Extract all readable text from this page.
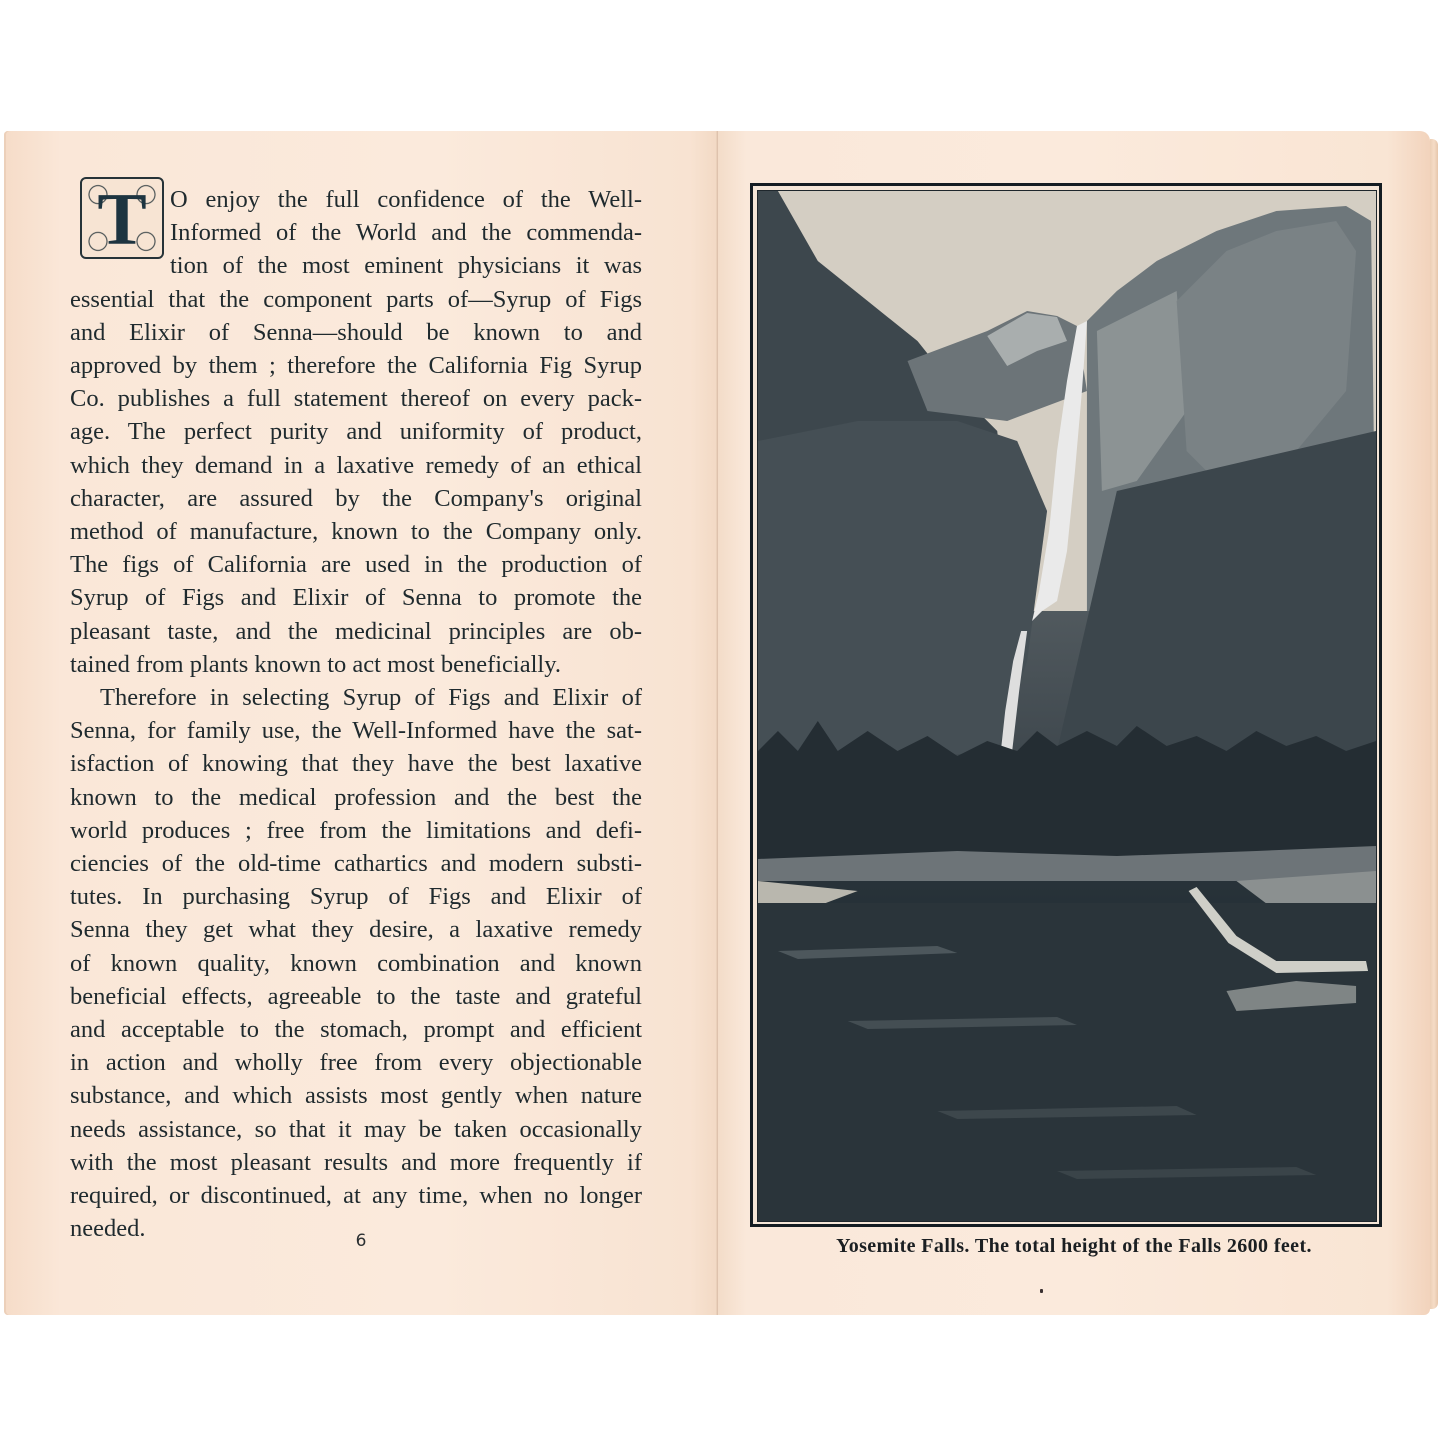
T O enjoy the full confidence of the Well-
Informed of the World and the commenda-
tion of the most eminent physicians it was
essential that the component parts of—Syrup of Figs
and Elixir of Senna—should be known to and
approved by them ; therefore the California Fig Syrup
Co. publishes a full statement thereof on every pack-
age. The perfect purity and uniformity of product,
which they demand in a laxative remedy of an ethical
character, are assured by the Company's original
method of manufacture, known to the Company only.
The figs of California are used in the production of
Syrup of Figs and Elixir of Senna to promote the
pleasant taste, and the medicinal principles are ob-
tained from plants known to act most beneficially.
Therefore in selecting Syrup of Figs and Elixir of
Senna, for family use, the Well-Informed have the sat-
isfaction of knowing that they have the best laxative
known to the medical profession and the best the
world produces ; free from the limitations and defi-
ciencies of the old-time cathartics and modern substi-
tutes. In purchasing Syrup of Figs and Elixir of
Senna they get what they desire, a laxative remedy
of known quality, known combination and known
beneficial effects, agreeable to the taste and grateful
and acceptable to the stomach, prompt and efficient
in action and wholly free from every objectionable
substance, and which assists most gently when nature
needs assistance, so that it may be taken occasionally
with the most pleasant results and more frequently if
required, or discontinued, at any time, when no longer
needed.	6	Yosemite Falls. The total height of the Falls 2600 feet.
